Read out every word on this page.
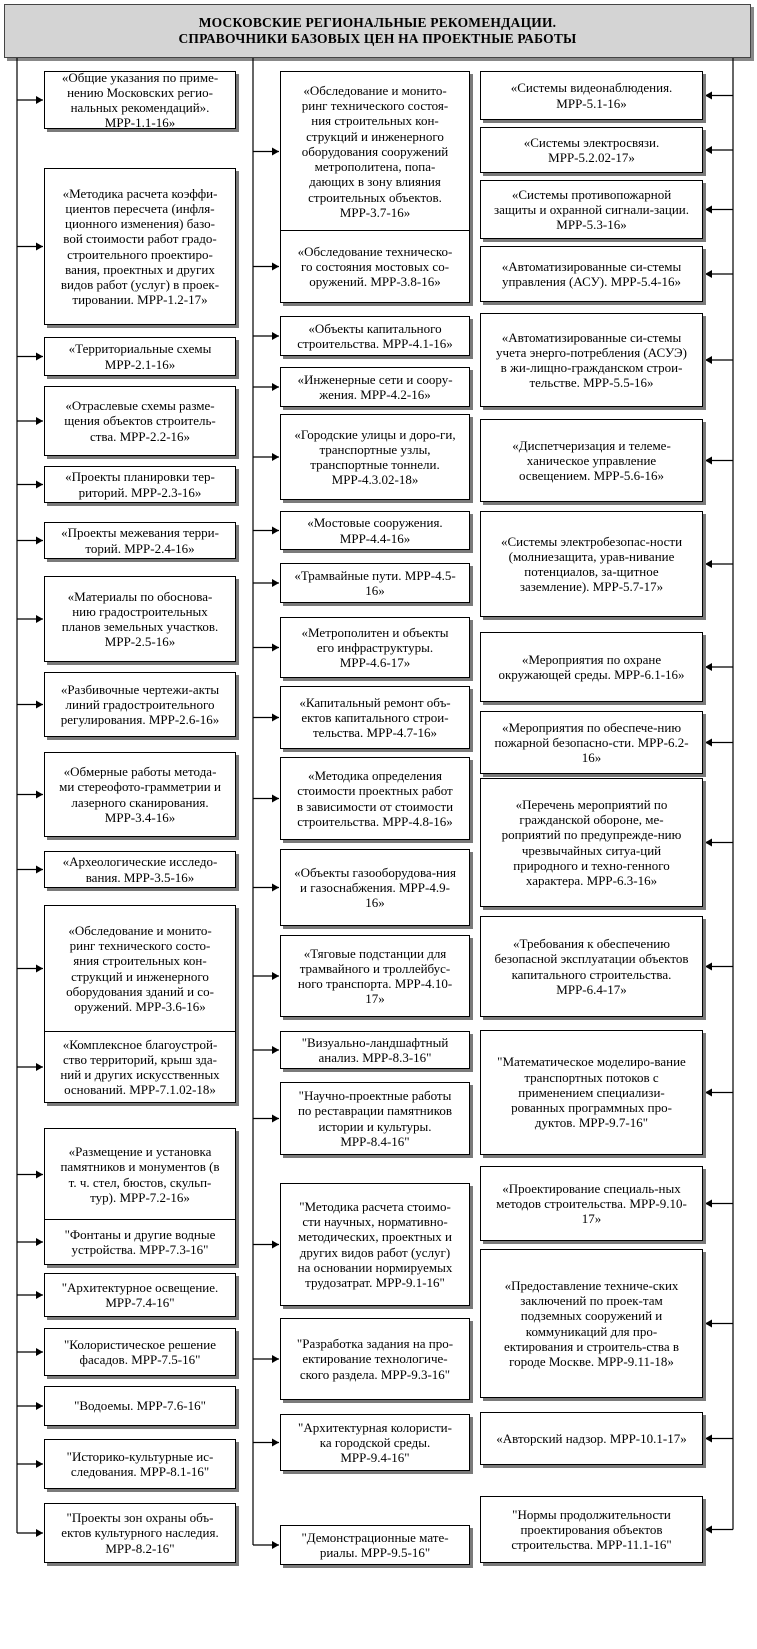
МОСКОВСКИЕ РЕГИОНАЛЬНЫЕ РЕКОМЕНДАЦИИ.
СПРАВОЧНИКИ БАЗОВЫХ ЦЕН НА ПРОЕКТНЫЕ РАБОТЫ
«Общие указания по приме-нению Московских регио-нальных рекомендаций». МРР-1.1-16»
«Методика расчета коэффи-циентов пересчета (инфля-ционного изменения) базо-вой стоимости работ градо-строительного проектиро-вания, проектных и других видов работ (услуг) в проек-тировании. МРР-1.2-17»
«Территориальные схемы МРР-2.1-16»
«Отраслевые схемы разме-щения объектов строитель-ства. МРР-2.2-16»
«Проекты планировки тер-риторий. МРР-2.3-16»
«Проекты межевания терри-торий. МРР-2.4-16»
«Материалы по обоснова-нию градостроительных планов земельных участков. МРР-2.5-16»
«Разбивочные чертежи-акты линий градостроительного регулирования. МРР-2.6-16»
«Обмерные работы метода-ми стереофото-грамметрии и лазерного сканирования. МРР-3.4-16»
«Археологические исследо-вания. МРР-3.5-16»
«Обследование и монито-ринг технического состо-яния строительных кон-струкций и инженерного оборудования зданий и со-оружений. МРР-3.6-16»
«Комплексное благоустрой-ство территорий, крыш зда-ний и других искусственных оснований. МРР-7.1.02-18»
«Размещение и установка памятников и монументов (в т. ч. стел, бюстов, скульп-тур). МРР-7.2-16»
"Фонтаны и другие водные устройства. МРР-7.3-16"
"Архитектурное освещение. МРР-7.4-16"
"Колористическое решение фасадов. МРР-7.5-16"
"Водоемы. МРР-7.6-16"
"Историко-культурные ис-следования. МРР-8.1-16"
"Проекты зон охраны объ-ектов культурного наследия. МРР-8.2-16"
«Обследование и монито-ринг технического состоя-ния строительных кон-струкций и инженерного оборудования сооружений метрополитена, попа-дающих в зону влияния строительных объектов. МРР-3.7-16»
«Обследование техническо-го состояния мостовых со-оружений. МРР-3.8-16»
«Объекты капитального строительства. МРР-4.1-16»
«Инженерные сети и соору-жения. МРР-4.2-16»
«Городские улицы и доро-ги, транспортные узлы, транспортные тоннели. МРР-4.3.02-18»
«Мостовые сооружения. МРР-4.4-16»
«Трамвайные пути. МРР-4.5-16»
«Метрополитен и объекты его инфраструктуры. МРР-4.6-17»
«Капитальный ремонт объ-ектов капитального строи-тельства. МРР-4.7-16»
«Методика определения стоимости проектных работ в зависимости от стоимости строительства. МРР-4.8-16»
«Объекты газооборудова-ния и газоснабжения. МРР-4.9-16»
«Тяговые подстанции для трамвайного и троллейбус-ного транспорта. МРР-4.10-17»
"Визуально-ландшафтный анализ. МРР-8.3-16"
"Научно-проектные работы по реставрации памятников истории и культуры. МРР-8.4-16"
"Методика расчета стоимо-сти научных, нормативно-методических, проектных и других видов работ (услуг) на основании нормируемых трудозатрат. МРР-9.1-16"
"Разработка задания на про-ектирование технологиче-ского раздела. МРР-9.3-16"
"Архитектурная колористи-ка городской среды. МРР-9.4-16"
"Демонстрационные мате-риалы. МРР-9.5-16"
«Системы видеонаблюдения. МРР-5.1-16»
«Системы электросвязи. МРР-5.2.02-17»
«Системы противопожарной защиты и охранной сигнали-зации. МРР-5.3-16»
«Автоматизированные си-стемы управления (АСУ). МРР-5.4-16»
«Автоматизированные си-стемы учета энерго-потребления (АСУЭ) в жи-лищно-гражданском строи-тельстве. МРР-5.5-16»
«Диспетчеризация и телеме-ханическое управление освещением. МРР-5.6-16»
«Системы электробезопас-ности (молниезащита, урав-нивание потенциалов, за-щитное заземление). МРР-5.7-17»
«Мероприятия по охране окружающей среды. МРР-6.1-16»
«Мероприятия по обеспече-нию пожарной безопасно-сти. МРР-6.2-16»
«Перечень мероприятий по гражданской обороне, ме-роприятий по предупрежде-нию чрезвычайных ситуа-ций природного и техно-генного характера. МРР-6.3-16»
«Требования к обеспечению безопасной эксплуатации объектов капитального строительства. МРР-6.4-17»
"Математическое моделиро-вание транспортных потоков с применением специализи-рованных программных про-дуктов. МРР-9.7-16"
«Проектирование специаль-ных методов строительства. МРР-9.10-17»
«Предоставление техниче-ских заключений по проек-там подземных сооружений и коммуникаций для про-ектирования и строитель-ства в городе Москве. МРР-9.11-18»
«Авторский надзор. МРР-10.1-17»
"Нормы продолжительности проектирования объектов строительства. МРР-11.1-16"
